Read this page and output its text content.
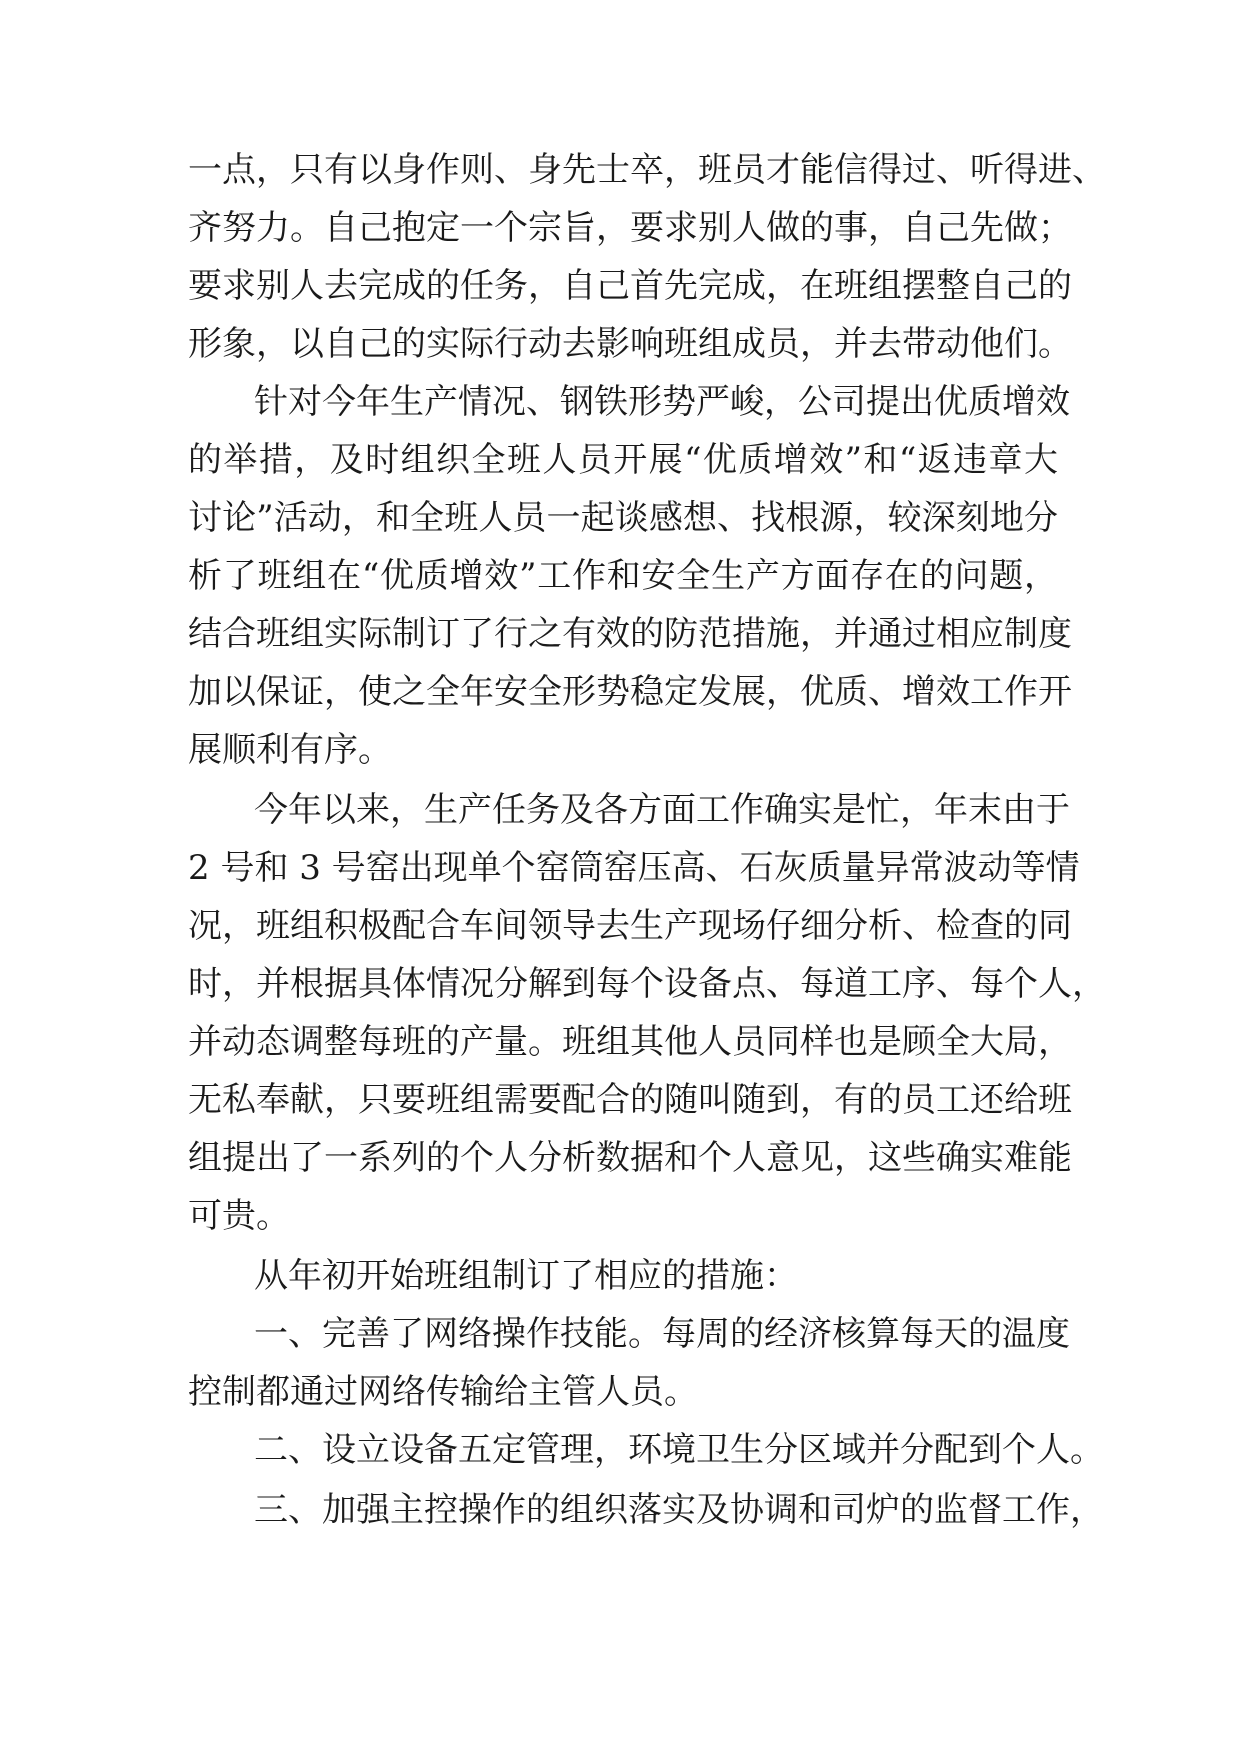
一点，只有以身作则、身先士卒，班员才能信得过、听得进、
齐努力。自己抱定一个宗旨，要求别人做的事，自己先做；
要求别人去完成的任务，自己首先完成，在班组摆整自己的
形象，以自己的实际行动去影响班组成员，并去带动他们。
针对今年生产情况、钢铁形势严峻，公司提出优质增效
的举措，及时组织全班人员开展“优质增效”和“返违章大
讨论”活动，和全班人员一起谈感想、找根源，较深刻地分
析了班组在“优质增效”工作和安全生产方面存在的问题，
结合班组实际制订了行之有效的防范措施，并通过相应制度
加以保证，使之全年安全形势稳定发展，优质、增效工作开
展顺利有序。
今年以来，生产任务及各方面工作确实是忙，年末由于
2 号和 3 号窑出现单个窑筒窑压高、石灰质量异常波动等情
况，班组积极配合车间领导去生产现场仔细分析、检查的同
时，并根据具体情况分解到每个设备点、每道工序、每个人，
并动态调整每班的产量。班组其他人员同样也是顾全大局，
无私奉献，只要班组需要配合的随叫随到，有的员工还给班
组提出了一系列的个人分析数据和个人意见，这些确实难能
可贵。
从年初开始班组制订了相应的措施：
一、完善了网络操作技能。每周的经济核算每天的温度
控制都通过网络传输给主管人员。
二、设立设备五定管理，环境卫生分区域并分配到个人。
三、加强主控操作的组织落实及协调和司炉的监督工作，
